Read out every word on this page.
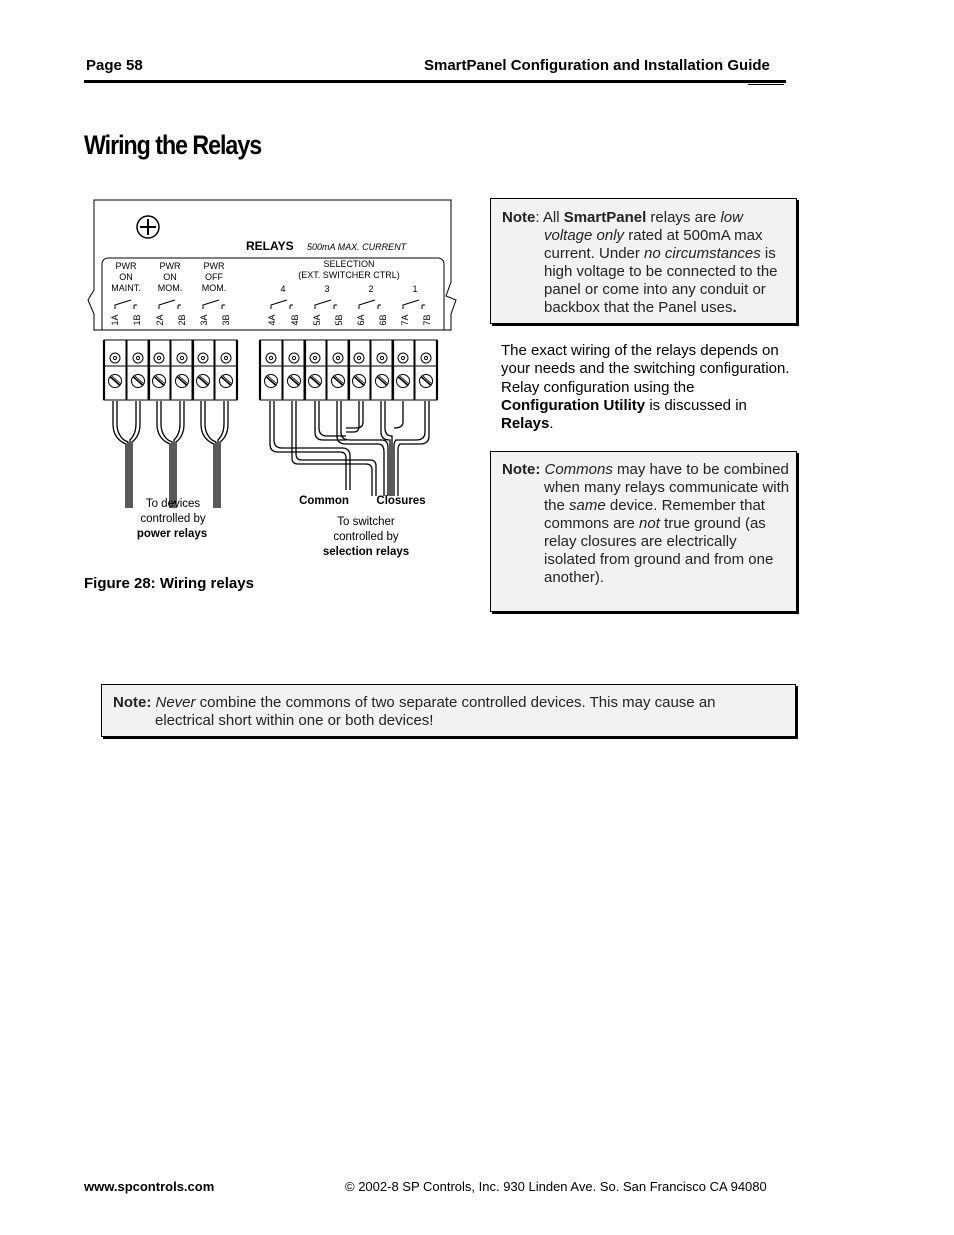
Page 58	SmartPanel Configuration and Installation Guide
Wiring the Relays
RELAYS 500mA MAX. CURRENT
PWR
ON
MAINT.
PWR
ON
MOM.
PWR
OFF
MOM.
SELECTION
(EXT. SWITCHER CTRL)
4	3	2	1
1A 1B 2A 2B 3A 3B	4A 4B 5A 5B 6A 6B 7A 7B
To devices
controlled by
power relays
Common Closures
To switcher
controlled by
selection relays
Figure 28: Wiring relays
Note: All SmartPanel relays are low voltage only rated at 500mA max current. Under no circumstances is high voltage to be connected to the panel or come into any conduit or backbox that the Panel uses.
The exact wiring of the relays depends on your needs and the switching configuration. Relay configuration using the Configuration Utility is discussed in Relays.
Note: Commons may have to be combined when many relays communicate with the same device. Remember that commons are not true ground (as relay closures are electrically isolated from ground and from one another).
Note: Never combine the commons of two separate controlled devices. This may cause an electrical short within one or both devices!
www.spcontrols.com	© 2002-8 SP Controls, Inc. 930 Linden Ave. So. San Francisco CA 94080
